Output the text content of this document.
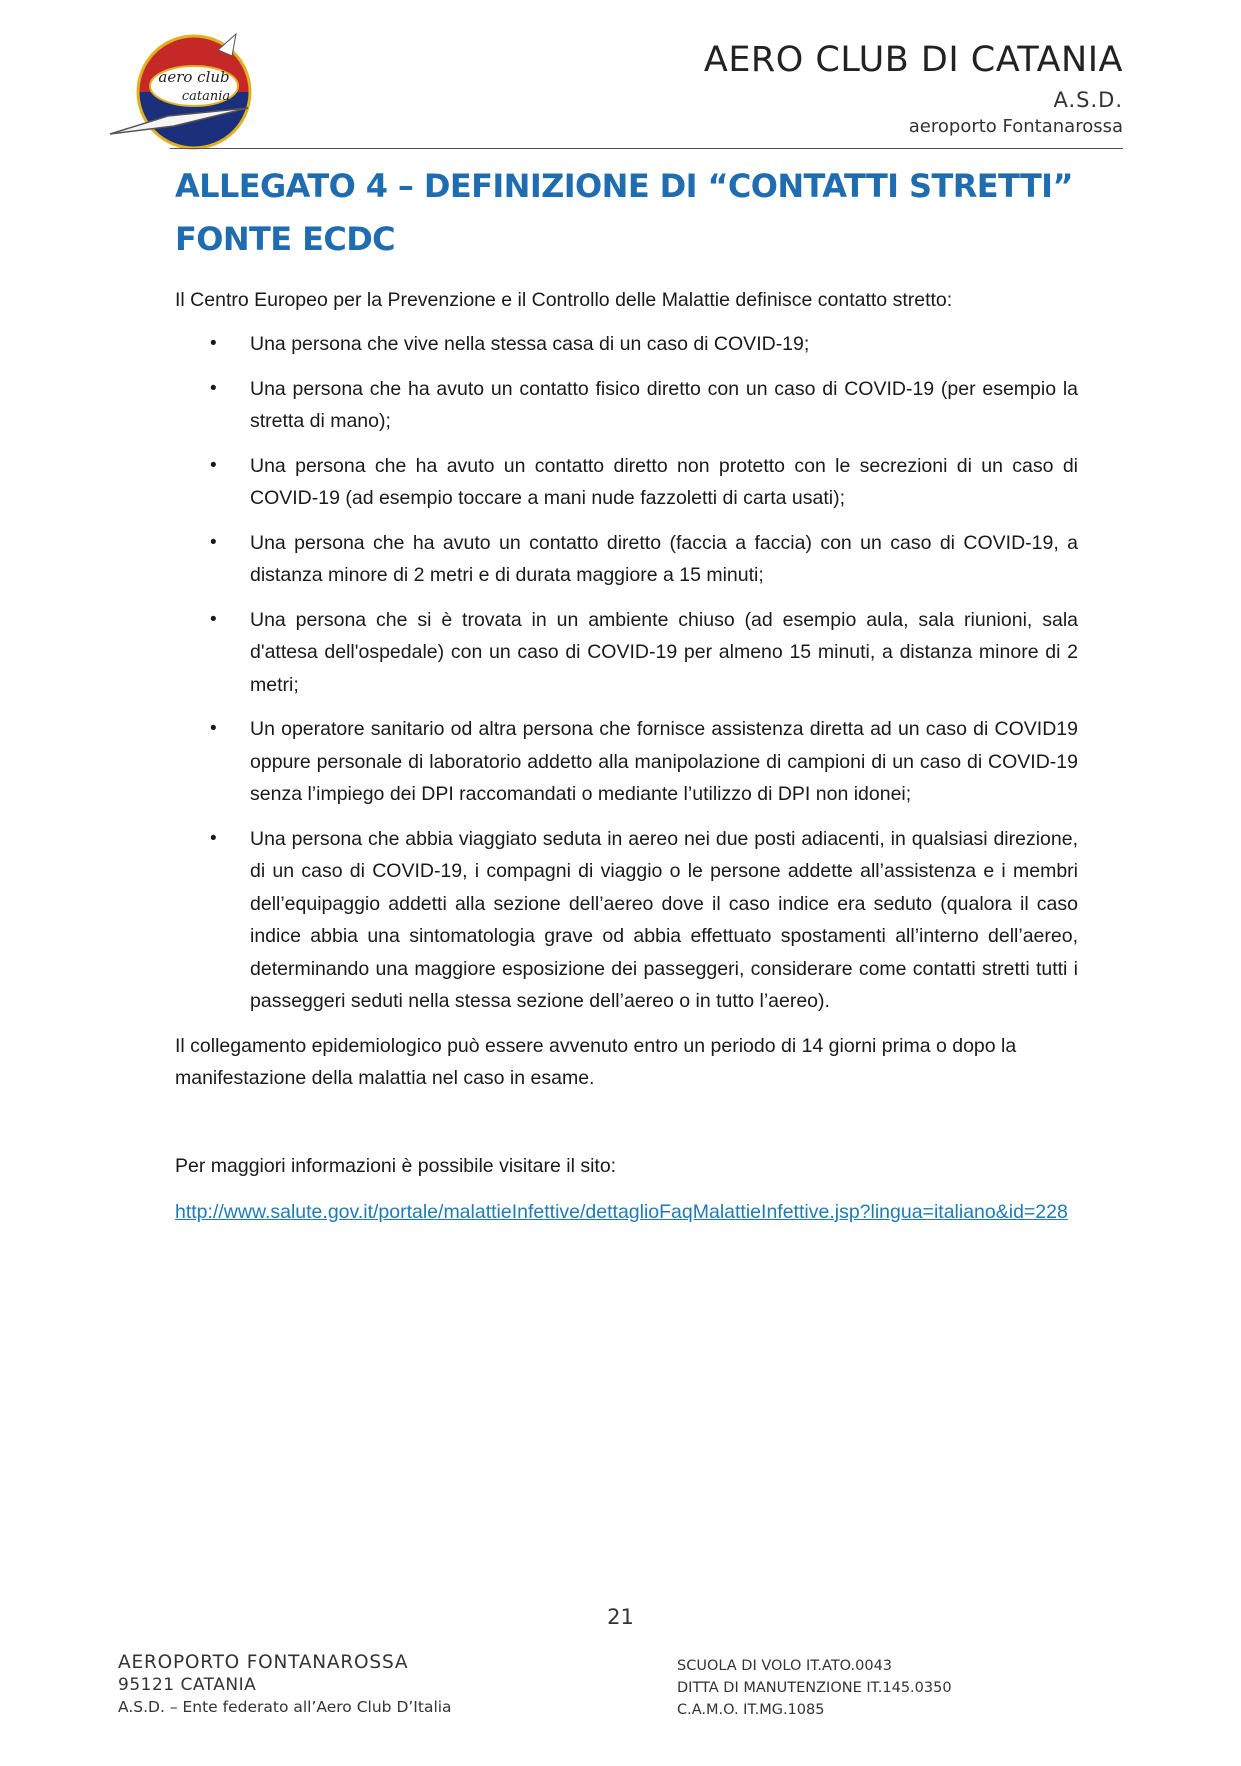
aero club
catania
AERO CLUB DI CATANIA
A.S.D.
aeroporto Fontanarossa
ALLEGATO 4 – DEFINIZIONE DI “CONTATTI STRETTI” FONTE ECDC

Il Centro Europeo per la Prevenzione e il Controllo delle Malattie definisce contatto stretto:

• Una persona che vive nella stessa casa di un caso di COVID-19;
• Una persona che ha avuto un contatto fisico diretto con un caso di COVID-19 (per esempio la stretta di mano);
• Una persona che ha avuto un contatto diretto non protetto con le secrezioni di un caso di COVID-19 (ad esempio toccare a mani nude fazzoletti di carta usati);
• Una persona che ha avuto un contatto diretto (faccia a faccia) con un caso di COVID-19, a distanza minore di 2 metri e di durata maggiore a 15 minuti;
• Una persona che si è trovata in un ambiente chiuso (ad esempio aula, sala riunioni, sala d'attesa dell'ospedale) con un caso di COVID-19 per almeno 15 minuti, a distanza minore di 2 metri;
• Un operatore sanitario od altra persona che fornisce assistenza diretta ad un caso di COVID19 oppure personale di laboratorio addetto alla manipolazione di campioni di un caso di COVID-19 senza l’impiego dei DPI raccomandati o mediante l’utilizzo di DPI non idonei;
• Una persona che abbia viaggiato seduta in aereo nei due posti adiacenti, in qualsiasi direzione, di un caso di COVID-19, i compagni di viaggio o le persone addette all’assistenza e i membri dell’equipaggio addetti alla sezione dell’aereo dove il caso indice era seduto (qualora il caso indice abbia una sintomatologia grave od abbia effettuato spostamenti all’interno dell’aereo, determinando una maggiore esposizione dei passeggeri, considerare come contatti stretti tutti i passeggeri seduti nella stessa sezione dell’aereo o in tutto l’aereo).

Il collegamento epidemiologico può essere avvenuto entro un periodo di 14 giorni prima o dopo la manifestazione della malattia nel caso in esame.

Per maggiori informazioni è possibile visitare il sito:

http://www.salute.gov.it/portale/malattieInfettive/dettaglioFaqMalattieInfettive.jsp?lingua=italiano&id=228
21
AEROPORTO FONTANAROSSA
95121 CATANIA
A.S.D. – Ente federato all’Aero Club D’Italia
SCUOLA DI VOLO IT.ATO.0043
DITTA DI MANUTENZIONE IT.145.0350
C.A.M.O. IT.MG.1085
